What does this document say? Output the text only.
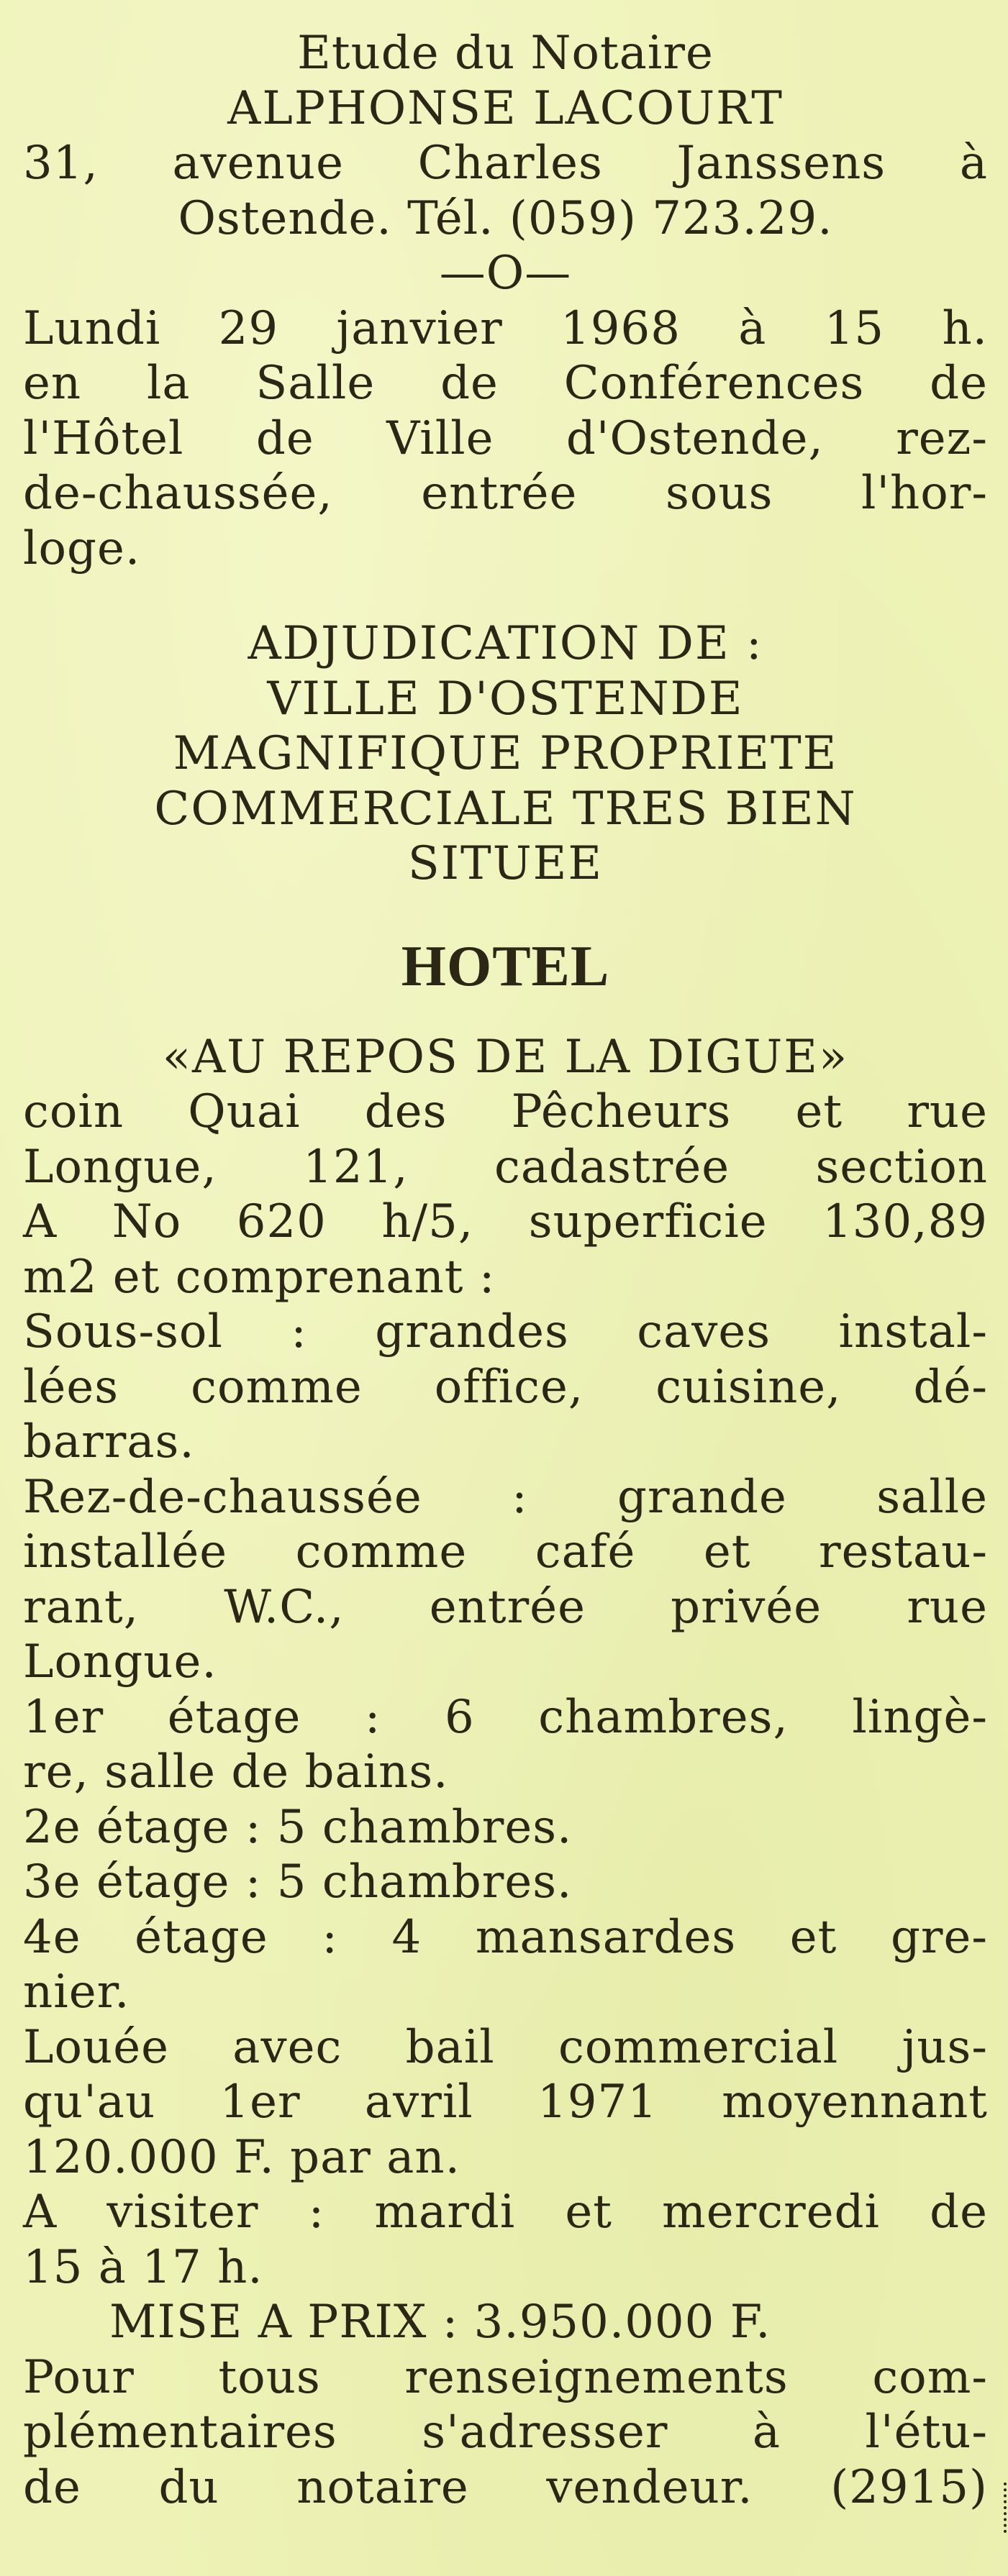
Etude du Notaire
ALPHONSE LACOURT
31, avenue Charles Janssens à
Ostende. Tél. (059) 723.29.
—O—
Lundi 29 janvier 1968 à 15 h.
en la Salle de Conférences de
l'Hôtel de Ville d'Ostende, rez-
de-chaussée, entrée sous l'hor-
loge.
ADJUDICATION DE :
VILLE D'OSTENDE
MAGNIFIQUE PROPRIETE
COMMERCIALE TRES BIEN
SITUEE
HOTEL
«AU REPOS DE LA DIGUE»
coin Quai des Pêcheurs et rue
Longue, 121, cadastrée section
A No 620 h/5, superficie 130,89
m2 et comprenant :
Sous-sol : grandes caves instal-
lées comme office, cuisine, dé-
barras.
Rez-de-chaussée : grande salle
installée comme café et restau-
rant, W.C., entrée privée rue
Longue.
1er étage : 6 chambres, lingè-
re, salle de bains.
2e étage : 5 chambres.
3e étage : 5 chambres.
4e étage : 4 mansardes et gre-
nier.
Louée avec bail commercial jus-
qu'au 1er avril 1971 moyennant
120.000 F. par an.
A visiter : mardi et mercredi de
15 à 17 h.
MISE A PRIX : 3.950.000 F.
Pour tous renseignements com-
plémentaires s'adresser à l'étu-
de du notaire vendeur. (2915)
